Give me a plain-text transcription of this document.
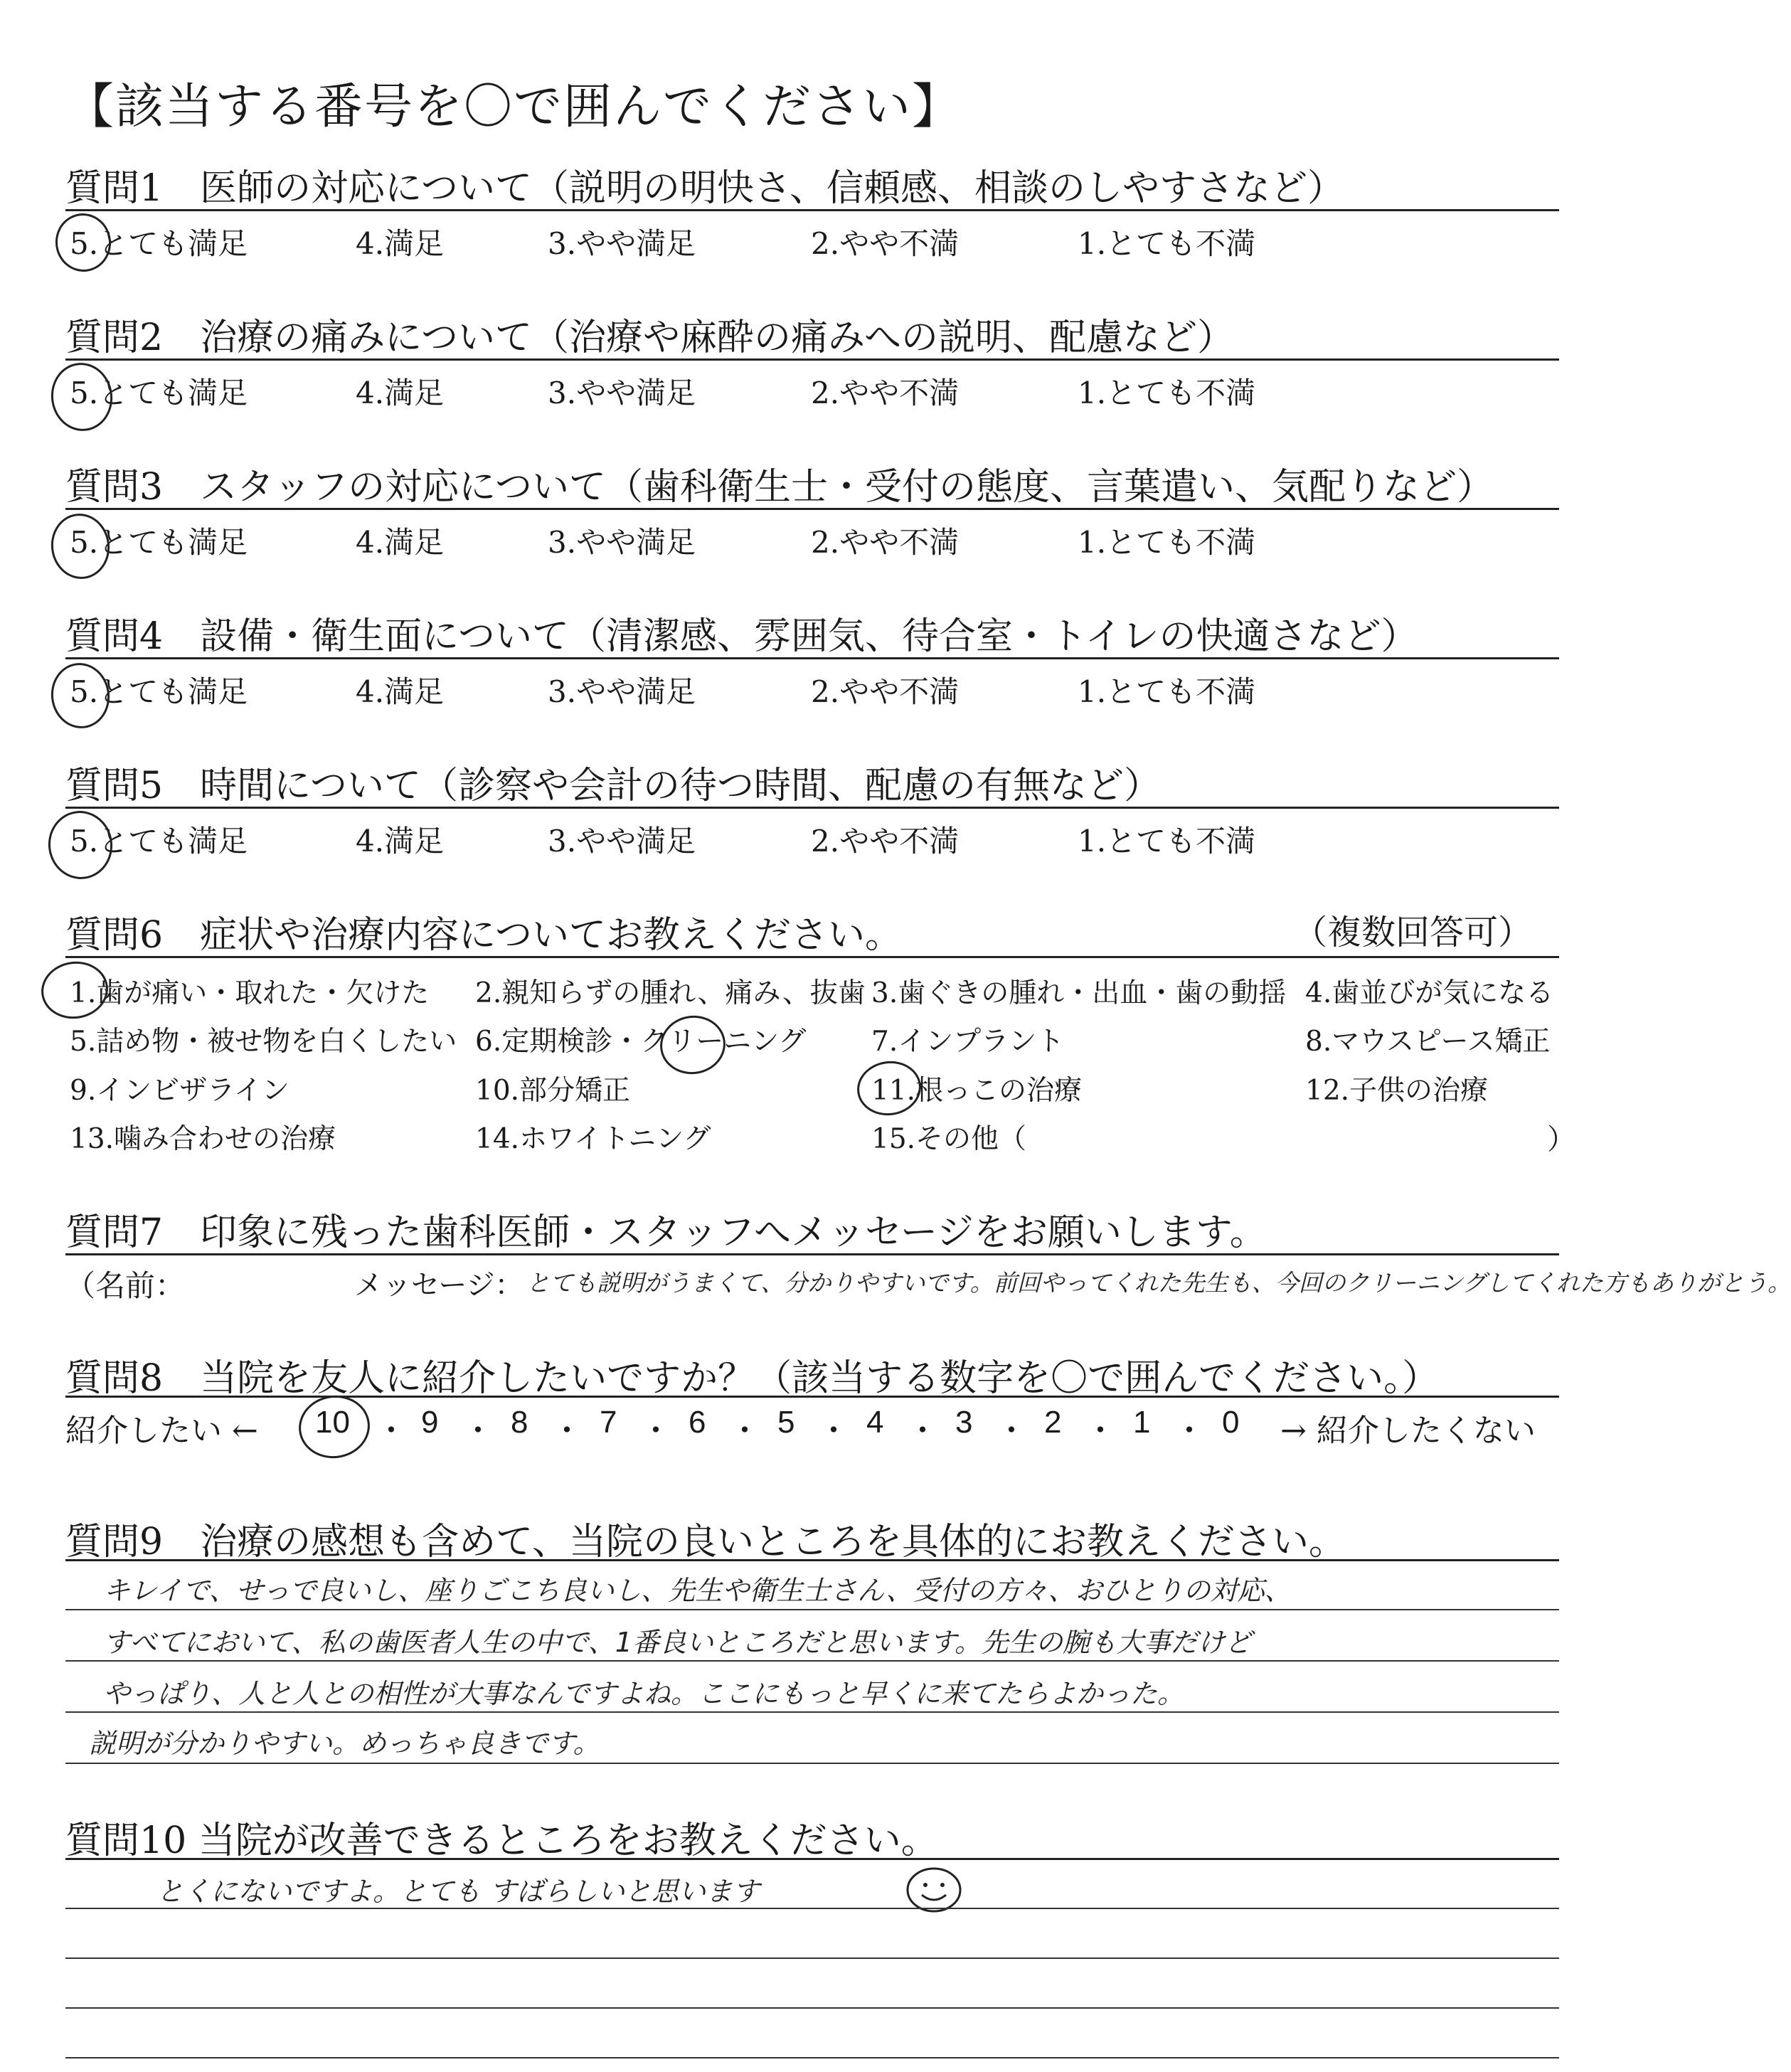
【該当する番号を〇で囲んでください】
質問1　医師の対応について（説明の明快さ、信頼感、相談のしやすさなど）
5.とても満足	4.満足	3.やや満足	2.やや不満	1.とても不満
質問2　治療の痛みについて（治療や麻酔の痛みへの説明、配慮など）
5.とても満足	4.満足	3.やや満足	2.やや不満	1.とても不満
質問3　スタッフの対応について（歯科衛生士・受付の態度、言葉遣い、気配りなど）
5.とても満足	4.満足	3.やや満足	2.やや不満	1.とても不満
質問4　設備・衛生面について（清潔感、雰囲気、待合室・トイレの快適さなど）
5.とても満足	4.満足	3.やや満足	2.やや不満	1.とても不満
質問5　時間について（診察や会計の待つ時間、配慮の有無など）
5.とても満足	4.満足	3.やや満足	2.やや不満	1.とても不満
質問6　症状や治療内容についてお教えください。	（複数回答可）
1.歯が痛い・取れた・欠けた 2.親知らずの腫れ、痛み、抜歯 3.歯ぐきの腫れ・出血・歯の動揺 4.歯並びが気になる
5.詰め物・被せ物を白くしたい 6.定期検診・クリーニング 7.インプラント	8.マウスピース矯正
9.インビザライン	10.部分矯正	11.根っこの治療	12.子供の治療
13.噛み合わせの治療	14.ホワイトニング	15.その他（	）
質問7　印象に残った歯科医師・スタッフへメッセージをお願いします。
（名前：	メッセージ： とても説明がうまくて、分かりやすいです。前回やってくれた先生も、今回のクリーニングしてくれた方もありがとう。
質問8　当院を友人に紹介したいですか？（該当する数字を〇で囲んでください。）
紹介したい ←	→ 紹介したくない
10 ・ 9 ・ 8 ・ 7 ・ 6 ・ 5 ・ 4 ・ 3 ・ 2 ・ 1 ・ 0
質問9　治療の感想も含めて、当院の良いところを具体的にお教えください。
キレイで、せっで良いし、座りごこち良いし、先生や衛生士さん、受付の方々、おひとりの対応、
すべてにおいて、私の歯医者人生の中で、1番良いところだと思います。先生の腕も大事だけど
やっぱり、人と人との相性が大事なんですよね。ここにもっと早くに来てたらよかった。
説明が分かりやすい。めっちゃ良きです。
質問10 当院が改善できるところをお教えください。
とくにないですよ。とても すばらしいと思います
